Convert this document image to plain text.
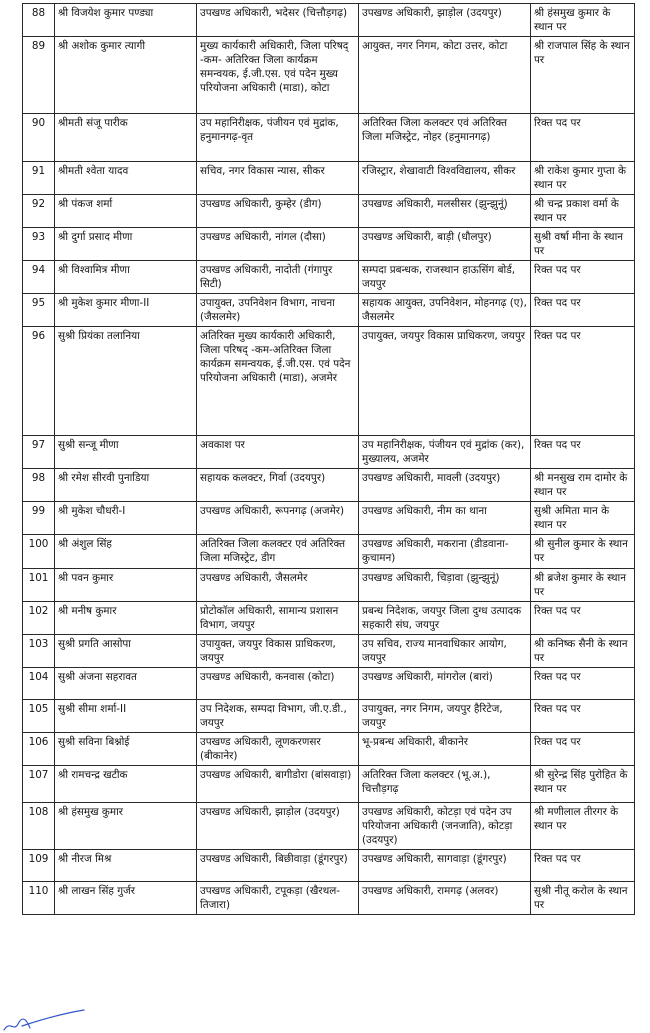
88	श्री विजयेश कुमार पण्ड्या	उपखण्ड अधिकारी, भदेसर (चित्तौड़गढ़)	उपखण्ड अधिकारी, झाड़ोल (उदयपुर)	श्री हंसमुख कुमार के स्थान पर
89	श्री अशोक कुमार त्यागी	मुख्य कार्यकारी अधिकारी, जिला परिषद् -कम- अतिरिक्त जिला कार्यक्रम समन्वयक, ई.जी.एस. एवं पदेन मुख्य परियोजना अधिकारी (माडा), कोटा	आयुक्त, नगर निगम, कोटा उत्तर, कोटा	श्री राजपाल सिंह के स्थान पर
90	श्रीमती संजू पारीक	उप महानिरीक्षक, पंजीयन एवं मुद्रांक, हनुमानगढ़-वृत	अतिरिक्त जिला कलक्टर एवं अतिरिक्त जिला मजिस्ट्रेट, नोहर (हनुमानगढ़)	रिक्त पद पर
91	श्रीमती श्वेता यादव	सचिव, नगर विकास न्यास, सीकर	रजिस्ट्रार, शेखावाटी विश्वविद्यालय, सीकर	श्री राकेश कुमार गुप्ता के स्थान पर
92	श्री पंकज शर्मा	उपखण्ड अधिकारी, कुम्हेर (डीग)	उपखण्ड अधिकारी, मलसीसर (झुन्झुनूं)	श्री चन्द्र प्रकाश वर्मा के स्थान पर
93	श्री दुर्गा प्रसाद मीणा	उपखण्ड अधिकारी, नांगल (दौसा)	उपखण्ड अधिकारी, बाड़ी (धौलपुर)	सुश्री वर्षा मीना के स्थान पर
94	श्री विश्वामित्र मीणा	उपखण्ड अधिकारी, नादोती (गंगापुर सिटी)	सम्पदा प्रबन्धक, राजस्थान हाऊसिंग बोर्ड, जयपुर	रिक्त पद पर
95	श्री मुकेश कुमार मीणा-II	उपायुक्त, उपनिवेशन विभाग, नाचना (जैसलमेर)	सहायक आयुक्त, उपनिवेशन, मोहनगढ़ (ए), जैसलमेर	रिक्त पद पर
96	सुश्री प्रियंका तलानिया	अतिरिक्त मुख्य कार्यकारी अधिकारी, जिला परिषद् -कम-अतिरिक्त जिला कार्यक्रम समन्वयक, ई.जी.एस. एवं पदेन परियोजना अधिकारी (माडा), अजमेर	उपायुक्त, जयपुर विकास प्राधिकरण, जयपुर	रिक्त पद पर
97	सुश्री सन्जू मीणा	अवकाश पर	उप महानिरीक्षक, पंजीयन एवं मुद्रांक (कर), मुख्यालय, अजमेर	रिक्त पद पर
98	श्री रमेश सीरवी पुनाडिया	सहायक कलक्टर, गिर्वा (उदयपुर)	उपखण्ड अधिकारी, मावली (उदयपुर)	श्री मनसुख राम दामोर के स्थान पर
99	श्री मुकेश चौधरी-I	उपखण्ड अधिकारी, रूपनगढ़ (अजमेर)	उपखण्ड अधिकारी, नीम का थाना	सुश्री अमिता मान के स्थान पर
100	श्री अंशुल सिंह	अतिरिक्त जिला कलक्टर एवं अतिरिक्त जिला मजिस्ट्रेट, डीग	उपखण्ड अधिकारी, मकराना (डीडवाना-कुचामन)	श्री सुनील कुमार के स्थान पर
101	श्री पवन कुमार	उपखण्ड अधिकारी, जैसलमेर	उपखण्ड अधिकारी, चिड़ावा (झुन्झुनूं)	श्री ब्रजेश कुमार के स्थान पर
102	श्री मनीष कुमार	प्रोटोकॉल अधिकारी, सामान्य प्रशासन विभाग, जयपुर	प्रबन्ध निदेशक, जयपुर जिला दुग्ध उत्पादक सहकारी संघ, जयपुर	रिक्त पद पर
103	सुश्री प्रगति आसोपा	उपायुक्त, जयपुर विकास प्राधिकरण, जयपुर	उप सचिव, राज्य मानवाधिकार आयोग, जयपुर	श्री कनिष्क सैनी के स्थान पर
104	सुश्री अंजना सहरावत	उपखण्ड अधिकारी, कनवास (कोटा)	उपखण्ड अधिकारी, मांगरोल (बारां)	रिक्त पद पर
105	सुश्री सीमा शर्मा-II	उप निदेशक, सम्पदा विभाग, जी.ए.डी., जयपुर	उपायुक्त, नगर निगम, जयपुर हैरिटेज, जयपुर	रिक्त पद पर
106	सुश्री सविना बिश्नोई	उपखण्ड अधिकारी, लूणकरणसर (बीकानेर)	भू-प्रबन्ध अधिकारी, बीकानेर	रिक्त पद पर
107	श्री रामचन्द्र खटीक	उपखण्ड अधिकारी, बागीडोरा (बांसवाड़ा)	अतिरिक्त जिला कलक्टर (भू.अ.), चित्तौड़गढ़	श्री सुरेन्द्र सिंह पुरोहित के स्थान पर
108	श्री हंसमुख कुमार	उपखण्ड अधिकारी, झाड़ोल (उदयपुर)	उपखण्ड अधिकारी, कोटड़ा एवं पदेन उप परियोजना अधिकारी (जनजाति), कोटड़ा (उदयपुर)	श्री मणीलाल तीरगर के स्थान पर
109	श्री नीरज मिश्र	उपखण्ड अधिकारी, बिछीवाड़ा (डूंगरपुर)	उपखण्ड अधिकारी, सागवाड़ा (डूंगरपुर)	रिक्त पद पर
110	श्री लाखन सिंह गुर्जर	उपखण्ड अधिकारी, टपूकड़ा (खैरथल-तिजारा)	उपखण्ड अधिकारी, रामगढ़ (अलवर)	सुश्री नीतू करोल के स्थान पर
